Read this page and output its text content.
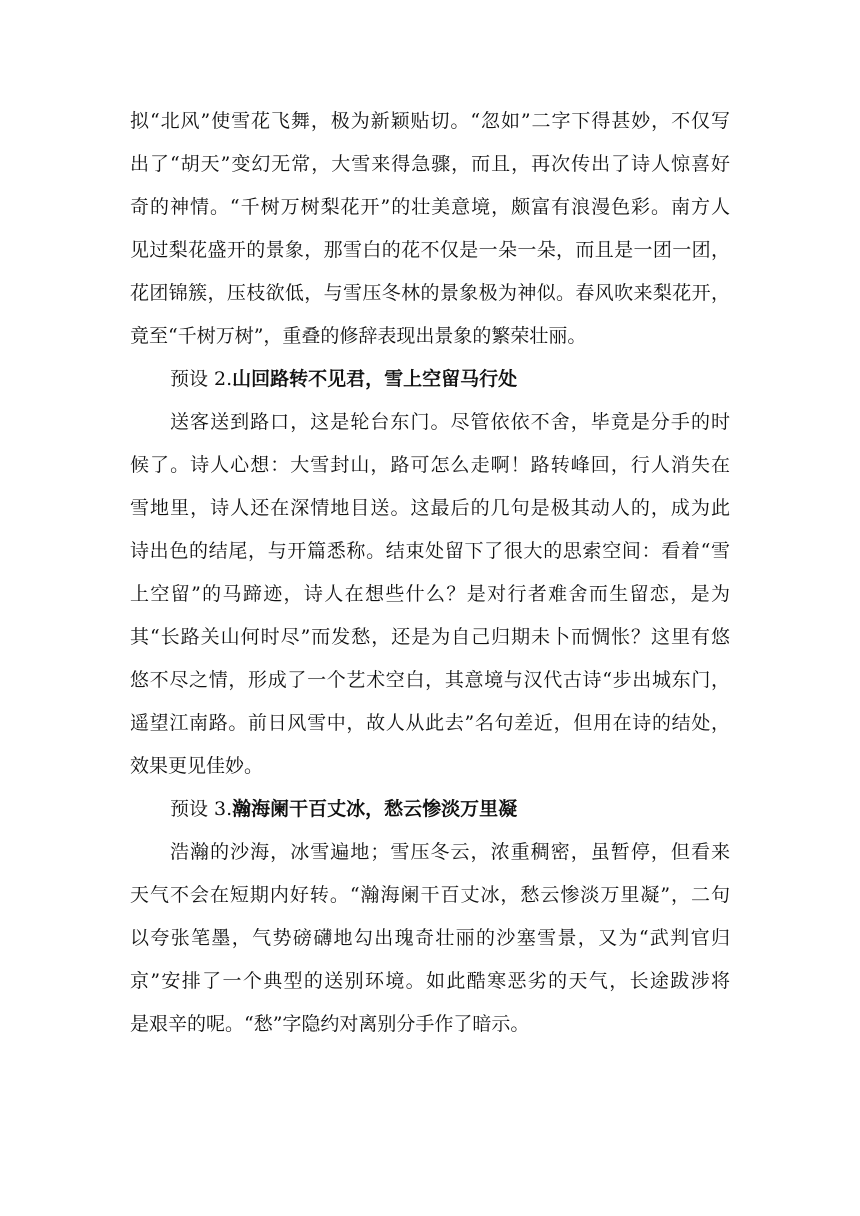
拟“北风”使雪花飞舞，极为新颖贴切。“忽如”二字下得甚妙，不仅写
出了“胡天”变幻无常，大雪来得急骤，而且，再次传出了诗人惊喜好
奇的神情。“千树万树梨花开”的壮美意境，颇富有浪漫色彩。南方人
见过梨花盛开的景象，那雪白的花不仅是一朵一朵，而且是一团一团，
花团锦簇，压枝欲低，与雪压冬林的景象极为神似。春风吹来梨花开，
竟至“千树万树”，重叠的修辞表现出景象的繁荣壮丽。
预设 2.山回路转不见君，雪上空留马行处
送客送到路口，这是轮台东门。尽管依依不舍，毕竟是分手的时
候了。诗人心想：大雪封山，路可怎么走啊！路转峰回，行人消失在
雪地里，诗人还在深情地目送。这最后的几句是极其动人的，成为此
诗出色的结尾，与开篇悉称。结束处留下了很大的思索空间：看着“雪
上空留”的马蹄迹，诗人在想些什么？是对行者难舍而生留恋，是为
其“长路关山何时尽”而发愁，还是为自己归期未卜而惆怅？这里有悠
悠不尽之情，形成了一个艺术空白，其意境与汉代古诗“步出城东门，
遥望江南路。前日风雪中，故人从此去”名句差近，但用在诗的结处，
效果更见佳妙。
预设 3.瀚海阑干百丈冰，愁云惨淡万里凝
浩瀚的沙海，冰雪遍地；雪压冬云，浓重稠密，虽暂停，但看来
天气不会在短期内好转。“瀚海阑干百丈冰，愁云惨淡万里凝”，二句
以夸张笔墨，气势磅礴地勾出瑰奇壮丽的沙塞雪景，又为“武判官归
京”安排了一个典型的送别环境。如此酷寒恶劣的天气，长途跋涉将
是艰辛的呢。“愁”字隐约对离别分手作了暗示。
